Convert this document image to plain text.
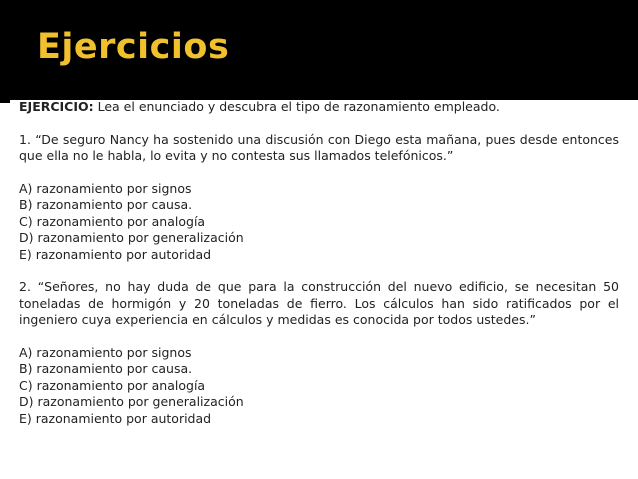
Ejercicios

EJERCICIO: Lea el enunciado y descubra el tipo de razonamiento empleado.

1. “De seguro Nancy ha sostenido una discusión con Diego esta mañana, pues desde entonces que ella no le habla, lo evita y no contesta sus llamados telefónicos.”

A) razonamiento por signos
B) razonamiento por causa.
C) razonamiento por analogía
D) razonamiento por generalización
E) razonamiento por autoridad

2. “Señores, no hay duda de que para la construcción del nuevo edificio, se necesitan 50 toneladas de hormigón y 20 toneladas de fierro. Los cálculos han sido ratificados por el ingeniero cuya experiencia en cálculos y medidas es conocida por todos ustedes.”

A) razonamiento por signos
B) razonamiento por causa.
C) razonamiento por analogía
D) razonamiento por generalización
E) razonamiento por autoridad
